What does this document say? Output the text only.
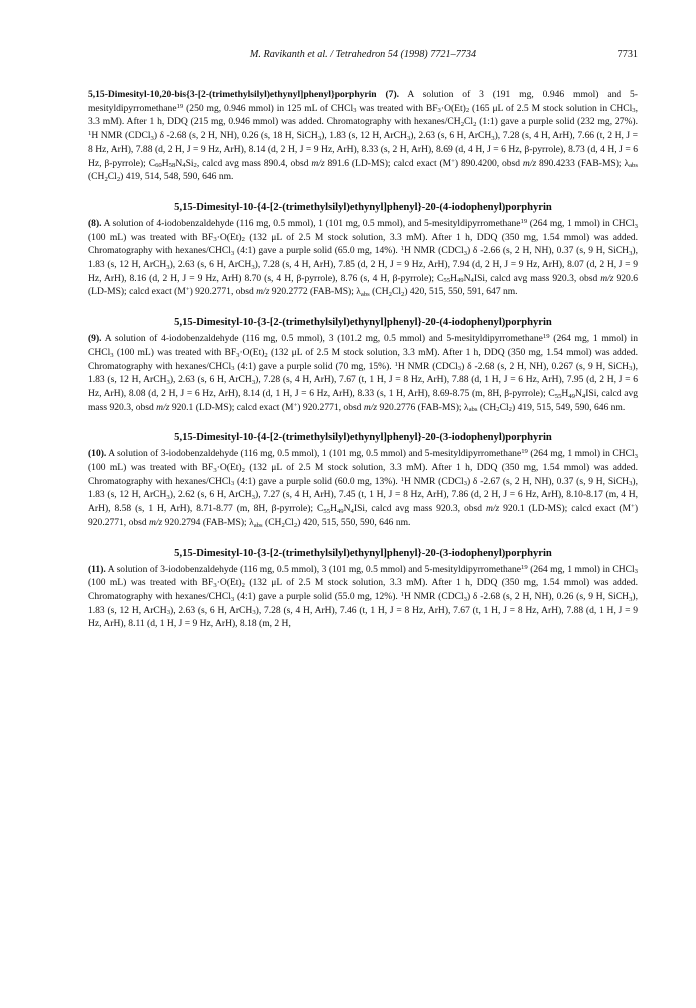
M. Ravikanth et al. / Tetrahedron 54 (1998) 7721–7734	7731

5,15-Dimesityl-10,20-bis{3-[2-(trimethylsilyl)ethynyl]phenyl}porphyrin (7). A solution of 3 (191 mg, 0.946 mmol) and 5-mesityldipyrromethane$^{19}$ (250 mg, 0.946 mmol) in 125 mL of CHCl$_3$ was treated with $BF_3\cdot O(Et)_2$ (165 μL of 2.5 M stock solution in CHCl$_3$, 3.3 mM). After 1 h, DDQ (215 mg, 0.946 mmol) was added. Chromatography with hexanes/$CH_2Cl_2$ (1:1) gave a purple solid (232 mg, 27%). $^1$H NMR (CDCl$_3$) δ -2.68 (s, 2 H, NH), 0.26 (s, 18 H, SiCH$_3$), 1.83 (s, 12 H, ArCH$_3$), 2.63 (s, 6 H, ArCH$_3$), 7.28 (s, 4 H, ArH), 7.66 (t, 2 H, J = 8 Hz, ArH), 7.88 (d, 2 H, J = 9 Hz, ArH), 8.14 (d, 2 H, J = 9 Hz, ArH), 8.33 (s, 2 H, ArH), 8.69 (d, 4 H, J = 6 Hz, β-pyrrole), 8.73 (d, 4 H, J = 6 Hz, β-pyrrole); $C_{60}H_{58}N_4Si_2$, calcd avg mass 890.4, obsd m/z 891.6 (LD-MS); calcd exact (M+) 890.4200, obsd m/z 890.4233 (FAB-MS); $\lambda_{abs}$ $(CH_2Cl_2)$ 419, 514, 548, 590, 646 nm.

5,15-Dimesityl-10-{4-[2-(trimethylsilyl)ethynyl]phenyl}-20-(4-iodophenyl)porphyrin

(8). A solution of 4-iodobenzaldehyde (116 mg, 0.5 mmol), 1 (101 mg, 0.5 mmol), and 5-mesityldipyrromethane$^{19}$ (264 mg, 1 mmol) in CHCl$_3$ (100 mL) was treated with $BF_3\cdot O(Et)_2$ (132 μL of 2.5 M stock solution, 3.3 mM). After 1 h, DDQ (350 mg, 1.54 mmol) was added. Chromatography with hexanes/CHCl$_3$ (4:1) gave a purple solid (65.0 mg, 14%). $^1$H NMR (CDCl$_3$) δ -2.66 (s, 2 H, NH), 0.37 (s, 9 H, SiCH$_3$), 1.83 (s, 12 H, ArCH$_3$), 2.63 (s, 6 H, ArCH$_3$), 7.28 (s, 4 H, ArH), 7.85 (d, 2 H, J = 9 Hz, ArH), 7.94 (d, 2 H, J = 9 Hz, ArH), 8.07 (d, 2 H, J = 9 Hz, ArH), 8.16 (d, 2 H, J = 9 Hz, ArH) 8.70 (s, 4 H, β-pyrrole), 8.76 (s, 4 H, β-pyrrole); $C_{55}H_{49}N_4ISi$, calcd avg mass 920.3, obsd m/z 920.6 (LD-MS); calcd exact (M+) 920.2771, obsd m/z 920.2772 (FAB-MS); $\lambda_{abs}$ $(CH_2Cl_2)$ 420, 515, 550, 591, 647 nm.

5,15-Dimesityl-10-{3-[2-(trimethylsilyl)ethynyl]phenyl}-20-(4-iodophenyl)porphyrin

(9). A solution of 4-iodobenzaldehyde (116 mg, 0.5 mmol), 3 (101.2 mg, 0.5 mmol) and 5-mesityldipyrromethane$^{19}$ (264 mg, 1 mmol) in CHCl$_3$ (100 mL) was treated with $BF_3\cdot O(Et)_2$ (132 μL of 2.5 M stock solution, 3.3 mM). After 1 h, DDQ (350 mg, 1.54 mmol) was added. Chromatography with hexanes/CHCl$_3$ (4:1) gave a purple solid (70 mg, 15%). $^1$H NMR (CDCl$_3$) δ -2.68 (s, 2 H, NH), 0.267 (s, 9 H, SiCH$_3$), 1.83 (s, 12 H, ArCH$_3$), 2.63 (s, 6 H, ArCH$_3$), 7.28 (s, 4 H, ArH), 7.67 (t, 1 H, J = 8 Hz, ArH), 7.88 (d, 1 H, J = 6 Hz, ArH), 7.95 (d, 2 H, J = 6 Hz, ArH), 8.08 (d, 2 H, J = 6 Hz, ArH), 8.14 (d, 1 H, J = 6 Hz, ArH), 8.33 (s, 1 H, ArH), 8.69-8.75 (m, 8H, β-pyrrole); $C_{55}H_{49}N_4ISi$, calcd avg mass 920.3, obsd m/z 920.1 (LD-MS); calcd exact (M+) 920.2771, obsd m/z 920.2776 (FAB-MS); $\lambda_{abs}$ $(CH_2Cl_2)$ 419, 515, 549, 590, 646 nm.

5,15-Dimesityl-10-{4-[2-(trimethylsilyl)ethynyl]phenyl}-20-(3-iodophenyl)porphyrin

(10). A solution of 3-iodobenzaldehyde (116 mg, 0.5 mmol), 1 (101 mg, 0.5 mmol) and 5-mesityldipyrromethane$^{19}$ (264 mg, 1 mmol) in CHCl$_3$ (100 mL) was treated with $BF_3\cdot O(Et)_2$ (132 μL of 2.5 M stock solution, 3.3 mM). After 1 h, DDQ (350 mg, 1.54 mmol) was added. Chromatography with hexanes/CHCl$_3$ (4:1) gave a purple solid (60.0 mg, 13%). $^1$H NMR (CDCl$_3$) δ -2.67 (s, 2 H, NH), 0.37 (s, 9 H, SiCH$_3$), 1.83 (s, 12 H, ArCH$_3$), 2.62 (s, 6 H, ArCH$_3$), 7.27 (s, 4 H, ArH), 7.45 (t, 1 H, J = 8 Hz, ArH), 7.86 (d, 2 H, J = 6 Hz, ArH), 8.10-8.17 (m, 4 H, ArH), 8.58 (s, 1 H, ArH), 8.71-8.77 (m, 8H, β-pyrrole); $C_{55}H_{49}N_4ISi$, calcd avg mass 920.3, obsd m/z 920.1 (LD-MS); calcd exact (M+) 920.2771, obsd m/z 920.2794 (FAB-MS); $\lambda_{abs}$ $(CH_2Cl_2)$ 420, 515, 550, 590, 646 nm.

5,15-Dimesityl-10-{3-[2-(trimethylsilyl)ethynyl]phenyl}-20-(3-iodophenyl)porphyrin

(11). A solution of 3-iodobenzaldehyde (116 mg, 0.5 mmol), 3 (101 mg, 0.5 mmol) and 5-mesityldipyrromethane$^{19}$ (264 mg, 1 mmol) in CHCl$_3$ (100 mL) was treated with $BF_3\cdot O(Et)_2$ (132 μL of 2.5 M stock solution, 3.3 mM). After 1 h, DDQ (350 mg, 1.54 mmol) was added. Chromatography with hexanes/CHCl$_3$ (4:1) gave a purple solid (55.0 mg, 12%). $^1$H NMR (CDCl$_3$) δ -2.68 (s, 2 H, NH), 0.26 (s, 9 H, SiCH$_3$), 1.83 (s, 12 H, ArCH$_3$), 2.63 (s, 6 H, ArCH$_3$), 7.28 (s, 4 H, ArH), 7.46 (t, 1 H, J = 8 Hz, ArH), 7.67 (t, 1 H, J = 8 Hz, ArH), 7.88 (d, 1 H, J = 9 Hz, ArH), 8.11 (d, 1 H, J = 9 Hz, ArH), 8.18 (m, 2 H,
